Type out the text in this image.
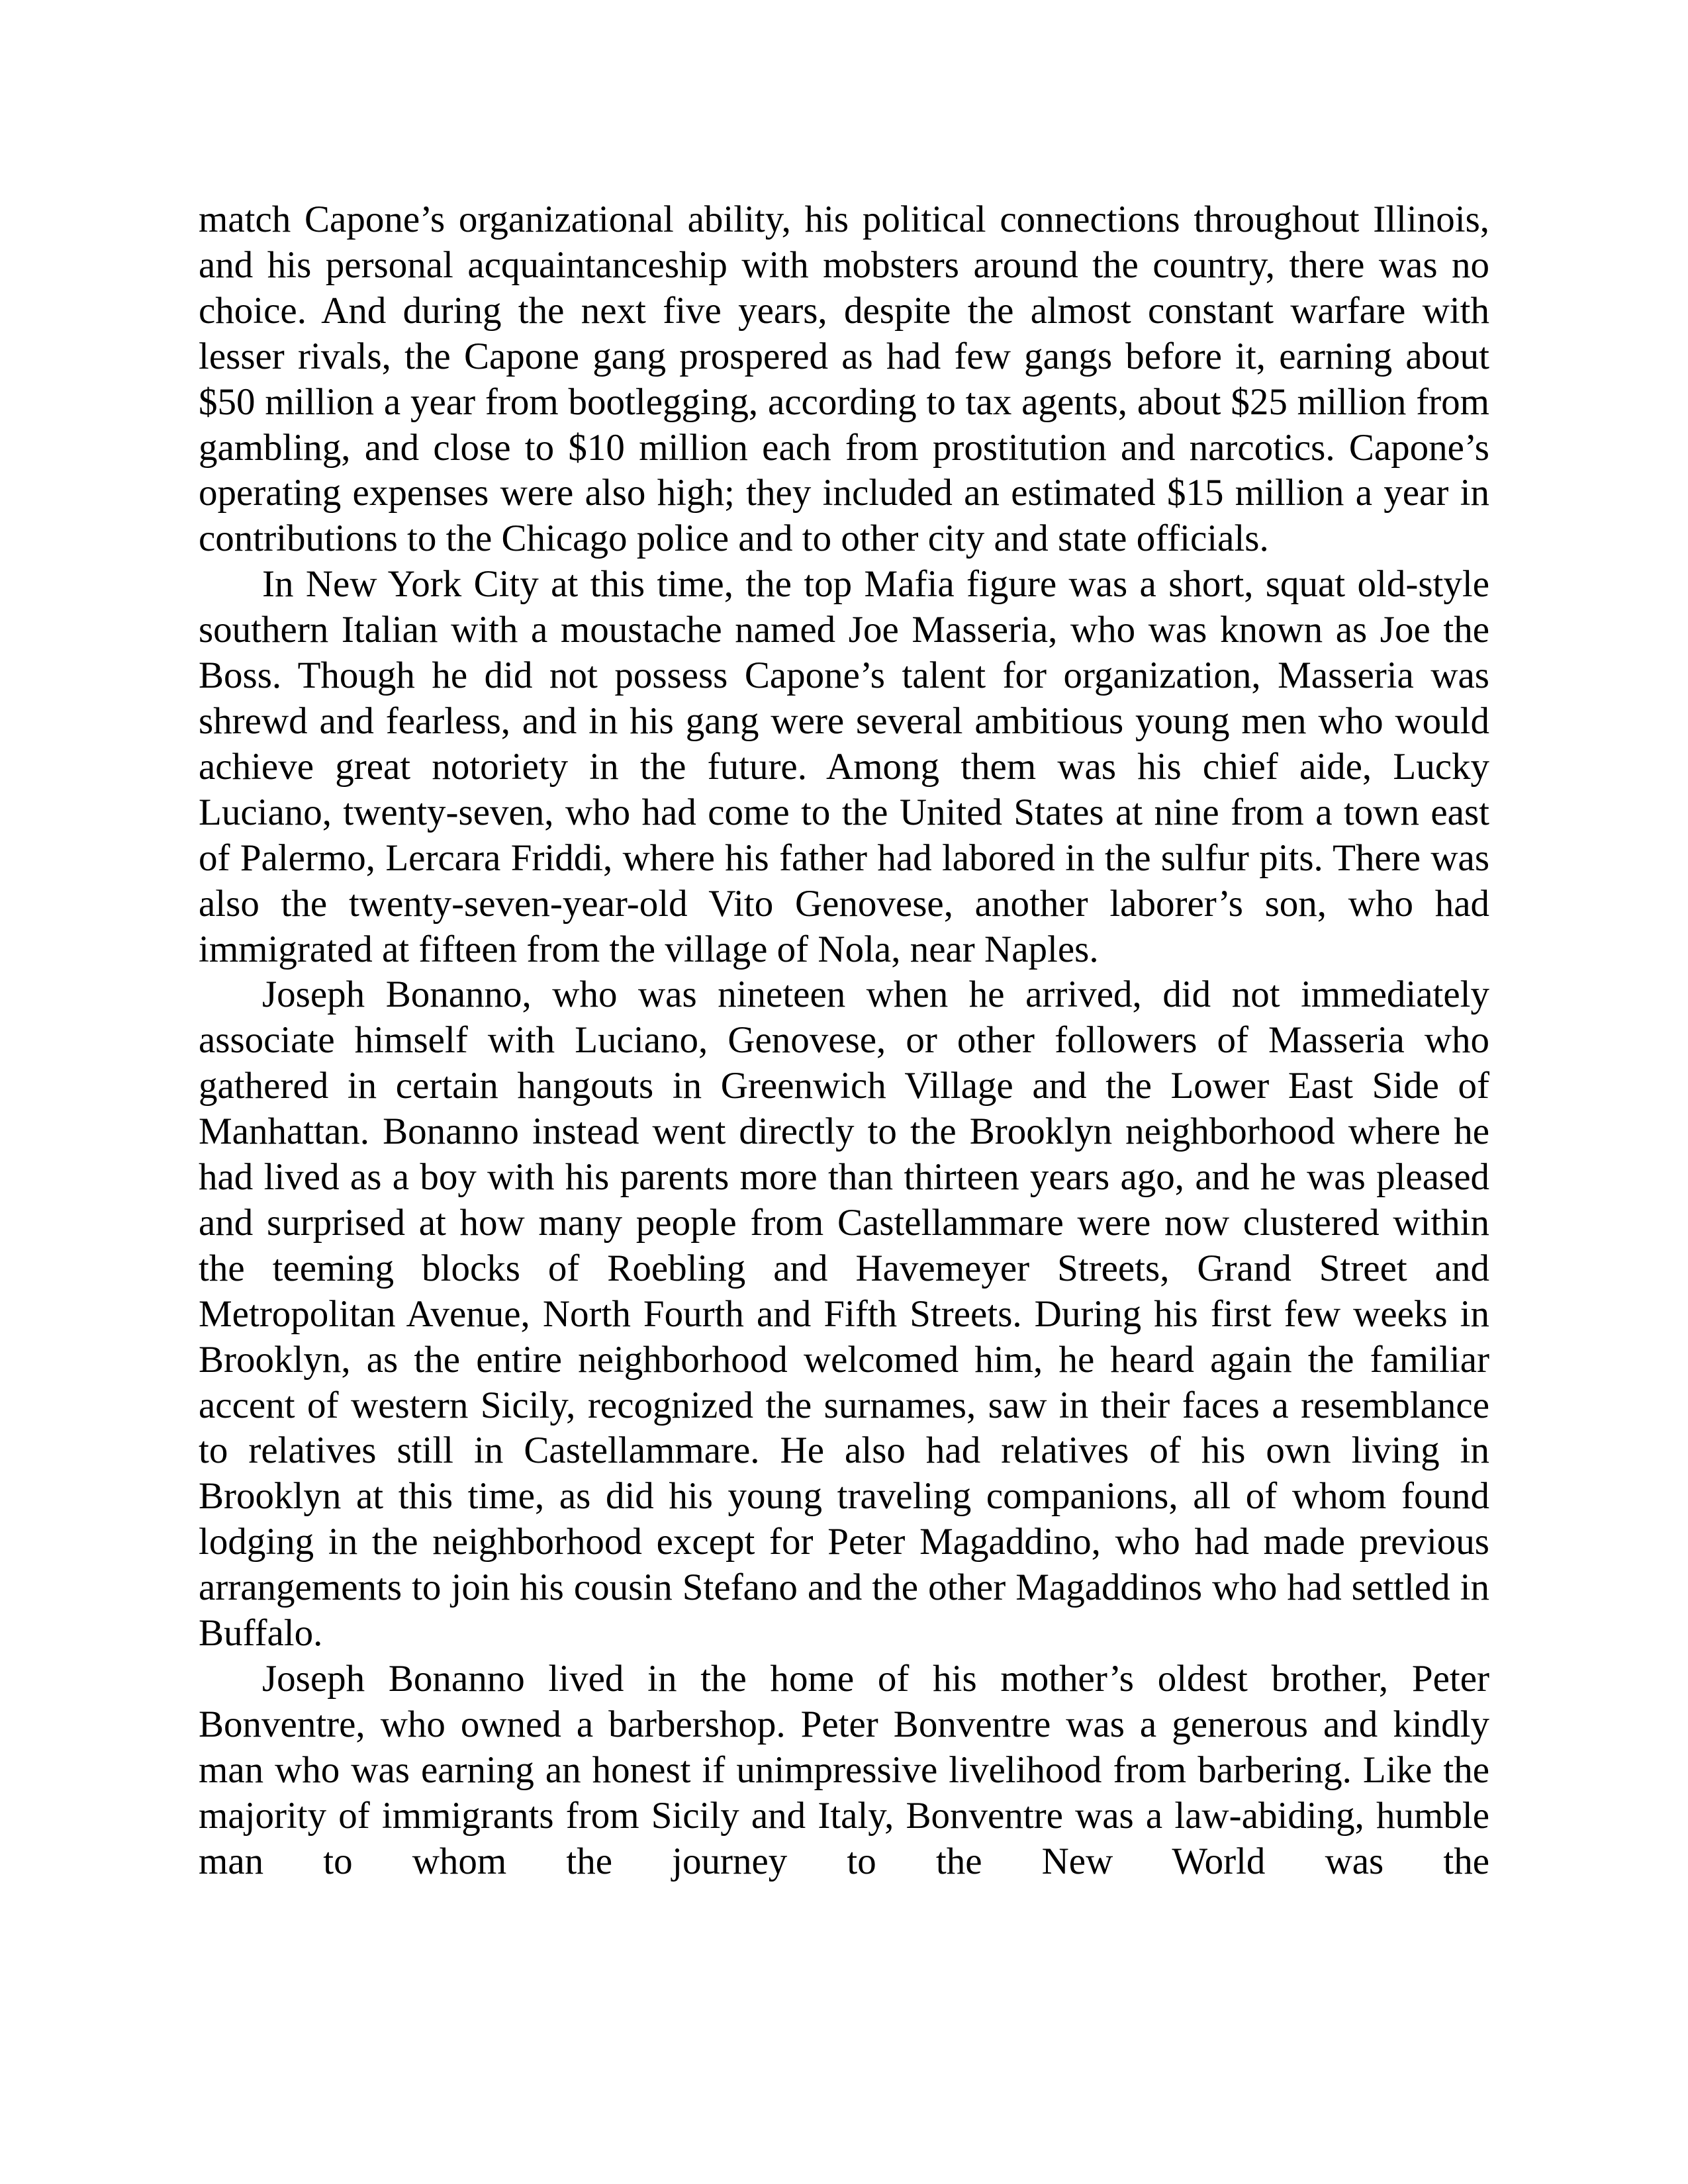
match Capone’s organizational ability, his political connections throughout Illinois, and his personal acquaintanceship with mobsters around the country, there was no choice. And during the next five years, despite the almost constant warfare with lesser rivals, the Capone gang prospered as had few gangs before it, earning about $50 million a year from bootlegging, according to tax agents, about $25 million from gambling, and close to $10 million each from prostitution and narcotics. Capone’s operating expenses were also high; they included an estimated $15 million a year in contributions to the Chicago police and to other city and state officials.

In New York City at this time, the top Mafia figure was a short, squat old-style southern Italian with a moustache named Joe Masseria, who was known as Joe the Boss. Though he did not possess Capone’s talent for organization, Masseria was shrewd and fearless, and in his gang were several ambitious young men who would achieve great notoriety in the future. Among them was his chief aide, Lucky Luciano, twenty-seven, who had come to the United States at nine from a town east of Palermo, Lercara Friddi, where his father had labored in the sulfur pits. There was also the twenty-seven-year-old Vito Genovese, another laborer’s son, who had immigrated at fifteen from the village of Nola, near Naples.

Joseph Bonanno, who was nineteen when he arrived, did not immediately associate himself with Luciano, Genovese, or other followers of Masseria who gathered in certain hangouts in Greenwich Village and the Lower East Side of Manhattan. Bonanno instead went directly to the Brooklyn neighborhood where he had lived as a boy with his parents more than thirteen years ago, and he was pleased and surprised at how many people from Castellammare were now clustered within the teeming blocks of Roebling and Havemeyer Streets, Grand Street and Metropolitan Avenue, North Fourth and Fifth Streets. During his first few weeks in Brooklyn, as the entire neighborhood welcomed him, he heard again the familiar accent of western Sicily, recognized the surnames, saw in their faces a resemblance to relatives still in Castellammare. He also had relatives of his own living in Brooklyn at this time, as did his young traveling companions, all of whom found lodging in the neighborhood except for Peter Magaddino, who had made previous arrangements to join his cousin Stefano and the other Magaddinos who had settled in Buffalo.

Joseph Bonanno lived in the home of his mother’s oldest brother, Peter Bonventre, who owned a barbershop. Peter Bonventre was a generous and kindly man who was earning an honest if unimpressive livelihood from barbering. Like the majority of immigrants from Sicily and Italy, Bonventre was a law-abiding, humble man to whom the journey to the New World was the
